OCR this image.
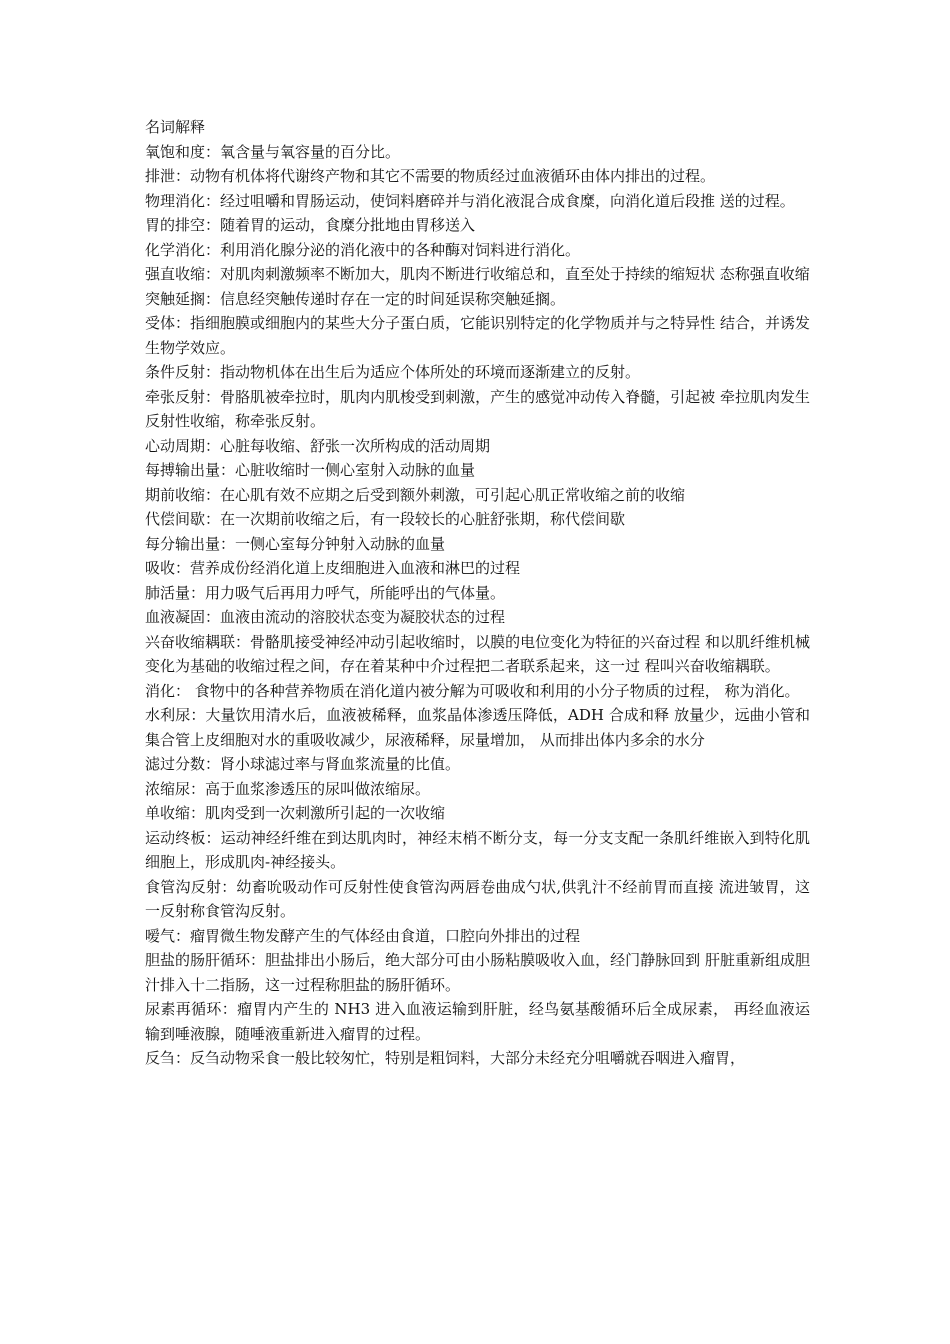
名词解释

氧饱和度：氧含量与氧容量的百分比。

排泄：动物有机体将代谢终产物和其它不需要的物质经过血液循环由体内排出的过程。

物理消化：经过咀嚼和胃肠运动，使饲料磨碎并与消化液混合成食糜，向消化道后段推 送的过程。

胃的排空：随着胃的运动，食糜分批地由胃移送入

化学消化：利用消化腺分泌的消化液中的各种酶对饲料进行消化。

强直收缩：对肌肉刺激频率不断加大，肌肉不断进行收缩总和，直至处于持续的缩短状 态称强直收缩

突触延搁：信息经突触传递时存在一定的时间延误称突触延搁。

受体：指细胞膜或细胞内的某些大分子蛋白质，它能识别特定的化学物质并与之特异性 结合，并诱发生物学效应。

条件反射：指动物机体在出生后为适应个体所处的环境而逐渐建立的反射。

牵张反射：骨胳肌被牵拉时，肌肉内肌梭受到刺激，产生的感觉冲动传入脊髓，引起被 牵拉肌肉发生反射性收缩，称牵张反射。

心动周期：心脏每收缩、舒张一次所构成的活动周期

每搏输出量：心脏收缩时一侧心室射入动脉的血量

期前收缩：在心肌有效不应期之后受到额外刺激，可引起心肌正常收缩之前的收缩

代偿间歇：在一次期前收缩之后，有一段较长的心脏舒张期，称代偿间歇

每分输出量：一侧心室每分钟射入动脉的血量

吸收：营养成份经消化道上皮细胞进入血液和淋巴的过程

肺活量：用力吸气后再用力呼气，所能呼出的气体量。

血液凝固：血液由流动的溶胶状态变为凝胶状态的过程

兴奋收缩耦联：骨骼肌接受神经冲动引起收缩时，以膜的电位变化为特征的兴奋过程 和以肌纤维机械变化为基础的收缩过程之间，存在着某种中介过程把二者联系起来，这一过 程叫兴奋收缩耦联。

消化： 食物中的各种营养物质在消化道内被分解为可吸收和利用的小分子物质的过程， 称为消化。

水利尿：大量饮用清水后，血液被稀释，血浆晶体渗透压降低，ADH 合成和释 放量少，远曲小管和集合管上皮细胞对水的重吸收减少，尿液稀释，尿量增加， 从而排出体内多余的水分

滤过分数：肾小球滤过率与肾血浆流量的比值。

浓缩尿：高于血浆渗透压的尿叫做浓缩尿。

单收缩：肌肉受到一次刺激所引起的一次收缩

运动终板：运动神经纤维在到达肌肉时，神经末梢不断分支，每一分支支配一条肌纤维嵌入到特化肌细胞上，形成肌肉-神经接头。

食管沟反射：幼畜吮吸动作可反射性使食管沟两唇卷曲成勺状,供乳汁不经前胃而直接 流进皱胃，这一反射称食管沟反射。

嗳气：瘤胃微生物发酵产生的气体经由食道，口腔向外排出的过程

胆盐的肠肝循环：胆盐排出小肠后，绝大部分可由小肠粘膜吸收入血，经门静脉回到 肝脏重新组成胆汁排入十二指肠，这一过程称胆盐的肠肝循环。

尿素再循环：瘤胃内产生的 NH3 进入血液运输到肝脏，经鸟氨基酸循环后全成尿素， 再经血液运输到唾液腺，随唾液重新进入瘤胃的过程。

反刍：反刍动物采食一般比较匆忙，特别是粗饲料，大部分未经充分咀嚼就吞咽进入瘤胃，
